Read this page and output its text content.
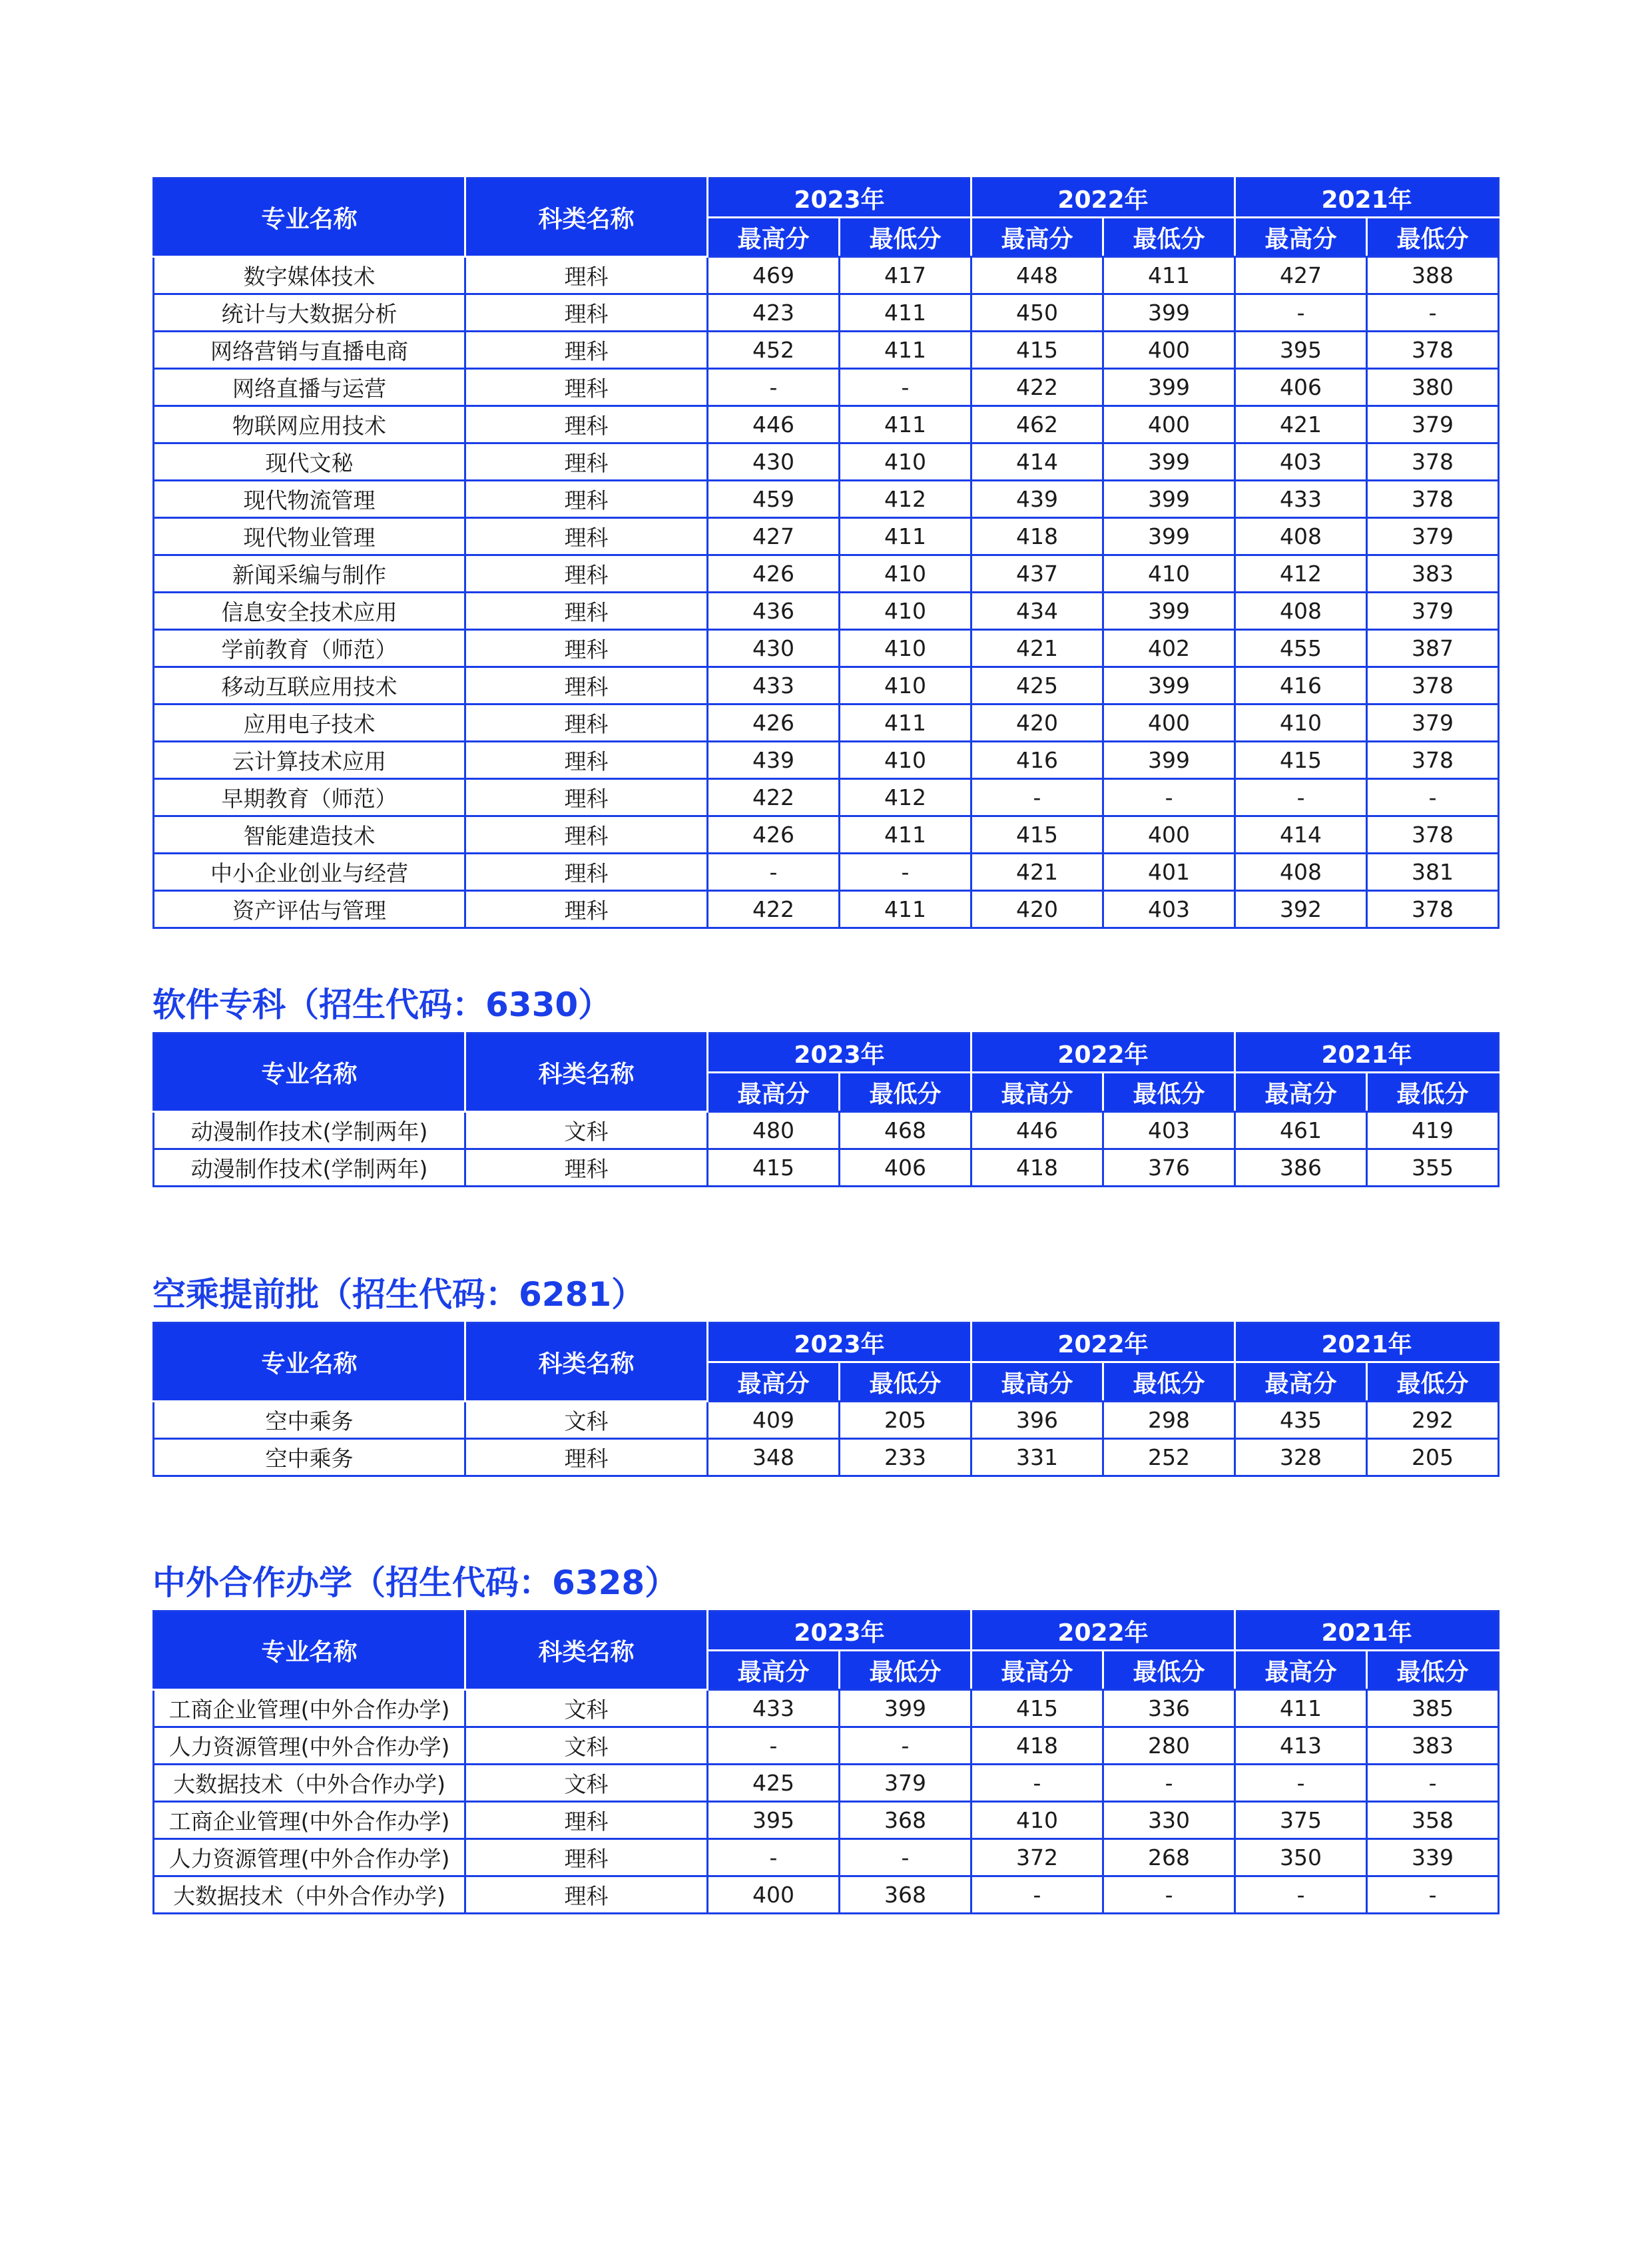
专业名称	科类名称	2023年		2022年		2021年	
		最高分	最低分	最高分	最低分	最高分	最低分
数字媒体技术	理科	469	417	448	411	427	388
统计与大数据分析	理科	423	411	450	399	-	-
网络营销与直播电商	理科	452	411	415	400	395	378
网络直播与运营	理科	-	-	422	399	406	380
物联网应用技术	理科	446	411	462	400	421	379
现代文秘	理科	430	410	414	399	403	378
现代物流管理	理科	459	412	439	399	433	378
现代物业管理	理科	427	411	418	399	408	379
新闻采编与制作	理科	426	410	437	410	412	383
信息安全技术应用	理科	436	410	434	399	408	379
学前教育（师范）	理科	430	410	421	402	455	387
移动互联应用技术	理科	433	410	425	399	416	378
应用电子技术	理科	426	411	420	400	410	379
云计算技术应用	理科	439	410	416	399	415	378
早期教育（师范）	理科	422	412	-	-	-	-
智能建造技术	理科	426	411	415	400	414	378
中小企业创业与经营	理科	-	-	421	401	408	381
资产评估与管理	理科	422	411	420	403	392	378
软件专科（招生代码：6330）
专业名称	科类名称	2023年		2022年		2021年	
		最高分	最低分	最高分	最低分	最高分	最低分
动漫制作技术(学制两年)	文科	480	468	446	403	461	419
动漫制作技术(学制两年)	理科	415	406	418	376	386	355
空乘提前批（招生代码：6281）
专业名称	科类名称	2023年		2022年		2021年	
		最高分	最低分	最高分	最低分	最高分	最低分
空中乘务	文科	409	205	396	298	435	292
空中乘务	理科	348	233	331	252	328	205
中外合作办学（招生代码：6328）
专业名称	科类名称	2023年		2022年		2021年	
		最高分	最低分	最高分	最低分	最高分	最低分
工商企业管理(中外合作办学)	文科	433	399	415	336	411	385
人力资源管理(中外合作办学)	文科	-	-	418	280	413	383
大数据技术（中外合作办学)	文科	425	379	-	-	-	-
工商企业管理(中外合作办学)	理科	395	368	410	330	375	358
人力资源管理(中外合作办学)	理科	-	-	372	268	350	339
大数据技术（中外合作办学)	理科	400	368	-	-	-	-
